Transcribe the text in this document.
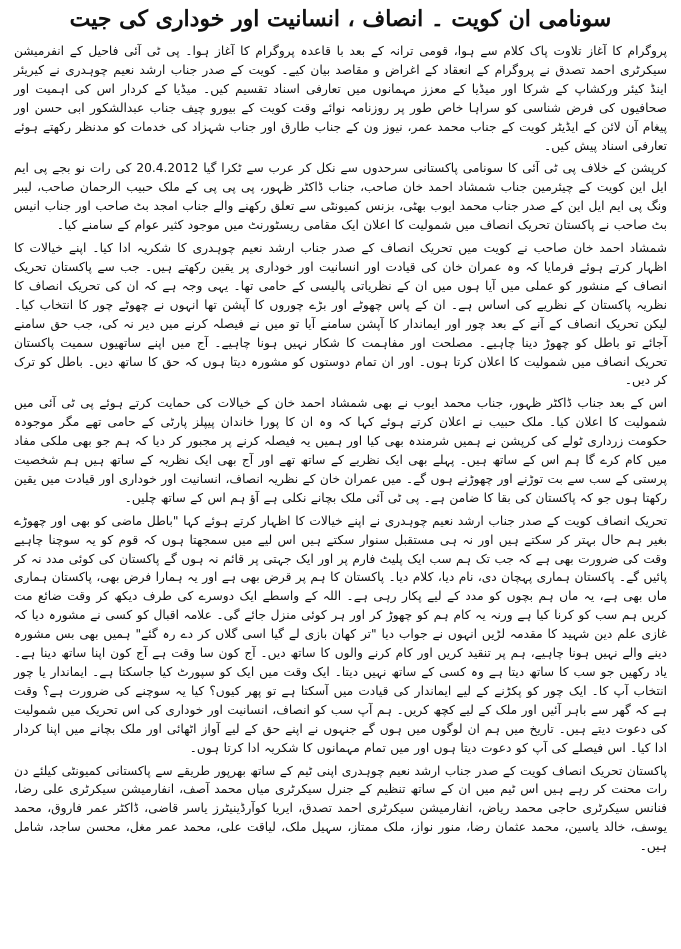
سونامی ان کویت ۔ انصاف ، انسانیت اور خوداری کی جیت

پروگرام کا آغاز تلاوت پاک کلام سے ہوا، قومی ترانہ کے بعد با قاعدہ پروگرام کا آغاز ہوا۔ پی ٹی آئی فاحیل کے انفرمیشن سیکرٹری احمد تصدق نے پروگرام کے انعقاد کے اغراض و مقاصد بیان کیے۔ کویت کے صدر جناب ارشد نعیم چوہدری نے کیریئر اینڈ کیئر ورکشاپ کے شرکا اور میڈیا کے معزز مہمانوں میں تعارفی اسناد تقسیم کیں۔ میڈیا کے کردار اس کی اہمیت اور صحافیوں کی فرض شناسی کو سراہا خاص طور پر روزنامہ نوائے وقت کویت کے بیورو چیف جناب عبدالشکور ابی حسن اور پیغام آن لائن کے ایڈیٹر کویت کے جناب محمد عمر، نیوز ون کے جناب طارق اور جناب شہزاد کی خدمات کو مدنظر رکھتے ہوئے تعارفی اسناد پیش کیں۔

کرپشن کے خلاف پی ٹی آئی کا سونامی پاکستانی سرحدوں سے نکل کر عرب سے ٹکرا گیا 20.4.2012 کی رات نو بجے پی ایم ایل این کویت کے چیئرمین جناب شمشاد احمد خان صاحب، جناب ڈاکٹر ظہور، پی پی پی کے ملک حبیب الرحمان صاحب، لیبر ونگ پی ایم ایل این کے صدر جناب محمد ایوب بھٹی، بزنس کمیونٹی سے تعلق رکھنے والے جناب امجد بٹ صاحب اور جناب انیس بٹ صاحب نے پاکستان تحریک انصاف میں شمولیت کا اعلان ایک مقامی ریسٹورنٹ میں موجود کثیر عوام کے سامنے کیا۔

شمشاد احمد خان صاحب نے کویت میں تحریک انصاف کے صدر جناب ارشد نعیم چوہدری کا شکریہ ادا کیا۔ اپنے خیالات کا اظہار کرتے ہوئے فرمایا کہ وہ عمران خان کی قیادت اور انسانیت اور خوداری پر یقین رکھتے ہیں۔ جب سے پاکستان تحریک انصاف کے منشور کو عملی میں آیا ہوں میں ان کے نظریاتی پالیسی کے حامی تھا۔ یہی وجہ ہے کہ ان کی تحریک انصاف کا نظریہ پاکستان کے نظریے کی اساس ہے۔ ان کے پاس چھوٹے اور بڑے چوروں کا آپشن تھا انہوں نے چھوٹے چور کا انتخاب کیا۔ لیکن تحریک انصاف کے آنے کے بعد چور اور ایماندار کا آپشن سامنے آیا تو میں نے فیصلہ کرنے میں دیر نہ کی، جب حق سامنے آجائے تو باطل کو چھوڑ دینا چاہیے۔ مصلحت اور مفاہمت کا شکار نہیں ہونا چاہیے۔ آج میں اپنے ساتھیوں سمیت پاکستان تحریک انصاف میں شمولیت کا اعلان کرتا ہوں۔ اور ان تمام دوستوں کو مشورہ دیتا ہوں کہ حق کا ساتھ دیں۔ باطل کو ترک کر دیں۔

اس کے بعد جناب ڈاکٹر ظہور، جناب محمد ایوب نے بھی شمشاد احمد خان کے خیالات کی حمایت کرتے ہوئے پی ٹی آئی میں شمولیت کا اعلان کیا۔ ملک حبیب نے اعلان کرتے ہوئے کہا کہ وہ ان کا پورا خاندان پیپلز پارٹی کے حامی تھے مگر موجودہ حکومت زرداری ٹولے کی کرپشن نے ہمیں شرمندہ بھی کیا اور ہمیں یہ فیصلہ کرنے پر مجبور کر دیا کہ ہم جو بھی ملکی مفاد میں کام کرے گا ہم اس کے ساتھ ہیں۔ پہلے بھی ایک نظریے کے ساتھ تھے اور آج بھی ایک نظریہ کے ساتھ ہیں ہم شخصیت پرستی کے سب سے بت توڑنے اور چھوڑنے ہوں گے۔ میں عمران خان کے نظریہ انصاف، انسانیت اور خوداری اور قیادت میں یقین رکھتا ہوں جو کہ پاکستان کی بقا کا ضامن ہے۔ پی ٹی آئی ملک بچانے نکلی ہے آؤ ہم اس کے ساتھ چلیں۔

تحریک انصاف کویت کے صدر جناب ارشد نعیم چوہدری نے اپنے خیالات کا اظہار کرتے ہوئے کہا "باطل ماضی کو بھی اور چھوڑے بغیر ہم حال بہتر کر سکتے ہیں اور نہ ہی مستقبل سنوار سکتے ہیں اس لیے میں سمجھتا ہوں کہ قوم کو یہ سوچنا چاہیے وقت کی ضرورت بھی ہے کہ جب تک ہم سب ایک پلیٹ فارم پر اور ایک جہتی پر قائم نہ ہوں گے پاکستان کی کوئی مدد نہ کر پائیں گے۔ پاکستان ہماری پہچان دی، نام دیا، کلام دیا۔ پاکستان کا ہم پر قرض بھی ہے اور یہ ہمارا فرض بھی، پاکستان ہماری ماں بھی ہے، یہ ماں ہم بچوں کو مدد کے لیے پکار رہی ہے۔ اللہ کے واسطے ایک دوسرے کی طرف دیکھ کر وقت ضائع مت کریں ہم سب کو کرنا کیا ہے ورنہ یہ کام ہم کو چھوڑ کر اور ہر کوئی منزل جائے گی۔ علامہ اقبال کو کسی نے مشورہ دیا کہ غازی علم دین شہید کا مقدمہ لڑیں انہوں نے جواب دیا "تر کھان بازی لے گیا اسی گلاں کر دے رہ گئے" ہمیں بھی بس مشورہ دینے والے نہیں ہونا چاہیے، ہم پر تنقید کریں اور کام کرنے والوں کا ساتھ دیں۔ آج کون سا وقت ہے آج کون اپنا ساتھ دینا ہے۔ یاد رکھیں جو سب کا ساتھ دیتا ہے وہ کسی کے ساتھ نہیں دیتا۔ ایک وقت میں ایک کو سپورٹ کیا جاسکتا ہے۔ ایماندار یا چور انتخاب آپ کا۔ ایک چور کو پکڑنے کے لیے ایماندار کی قیادت میں آسکتا ہے تو پھر کیوں؟ کیا یہ سوچنے کی ضرورت ہے؟ وقت ہے کہ گھر سے باہر آئیں اور ملک کے لیے کچھ کریں۔ ہم آپ سب کو انصاف، انسانیت اور خوداری کی اس تحریک میں شمولیت کی دعوت دیتے ہیں۔ تاریخ میں ہم ان لوگوں میں ہوں گے جنہوں نے اپنے حق کے لیے آواز اٹھائی اور ملک بچانے میں اپنا کردار ادا کیا۔ اس فیصلے کی آپ کو دعوت دیتا ہوں اور میں تمام مہمانوں کا شکریہ ادا کرتا ہوں۔

پاکستان تحریک انصاف کویت کے صدر جناب ارشد نعیم چوہدری اپنی ٹیم کے ساتھ بھرپور طریقے سے پاکستانی کمیونٹی کیلئے دن رات محنت کر رہے ہیں اس ٹیم میں ان کے ساتھ تنظیم کے جنرل سیکرٹری میاں محمد آصف، انفارمیشن سیکرٹری علی رضا، فنانس سیکرٹری حاجی محمد ریاض، انفارمیشن سیکرٹری احمد تصدق، ایریا کوآرڈینیٹرز یاسر قاضی، ڈاکٹر عمر فاروق، محمد یوسف، خالد یاسین، محمد عثمان رضا، منور نواز، ملک ممتاز، سہیل ملک، لیاقت علی، محمد عمر مغل، محسن ساجد، شامل ہیں۔
